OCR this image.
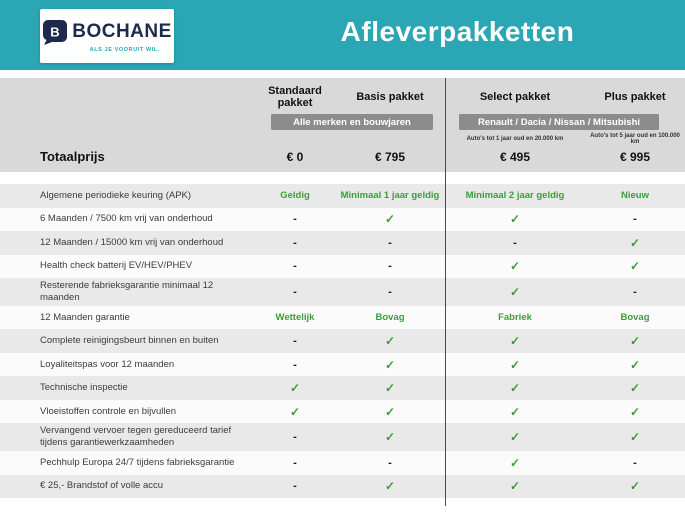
B BOCHANE
ALS JE VOORUIT WIL.
Afleverpakketten
Standaard pakket	Basis pakket	Select pakket	Plus pakket
Alle merken en bouwjaren	Renault / Dacia / Nissan / Mitsubishi
Auto's tot 1 jaar oud en 20.000 km	Auto's tot 5 jaar oud en 100.000 km
Totaalprijs	€ 0	€ 795	€ 495	€ 995
Algemene periodieke keuring (APK)	Geldig	Minimaal 1 jaar geldig	Minimaal 2 jaar geldig	Nieuw
6 Maanden / 7500 km vrij van onderhoud	-	✓	✓	-
12 Maanden / 15000 km vrij van onderhoud	-	-	-	✓
Health check batterij EV/HEV/PHEV	-	-	✓	✓
Resterende fabrieksgarantie minimaal 12 maanden	-	-	✓	-
12 Maanden garantie	Wettelijk	Bovag	Fabriek	Bovag
Complete reinigingsbeurt binnen en buiten	-	✓	✓	✓
Loyaliteitspas voor 12 maanden	-	✓	✓	✓
Technische inspectie	✓	✓	✓	✓
Vloeistoffen controle en bijvullen	✓	✓	✓	✓
Vervangend vervoer tegen gereduceerd tarief tijdens garantiewerkzaamheden	-	✓	✓	✓
Pechhulp Europa 24/7 tijdens fabrieksgarantie	-	-	✓	-
€ 25,- Brandstof of volle accu	-	✓	✓	✓
